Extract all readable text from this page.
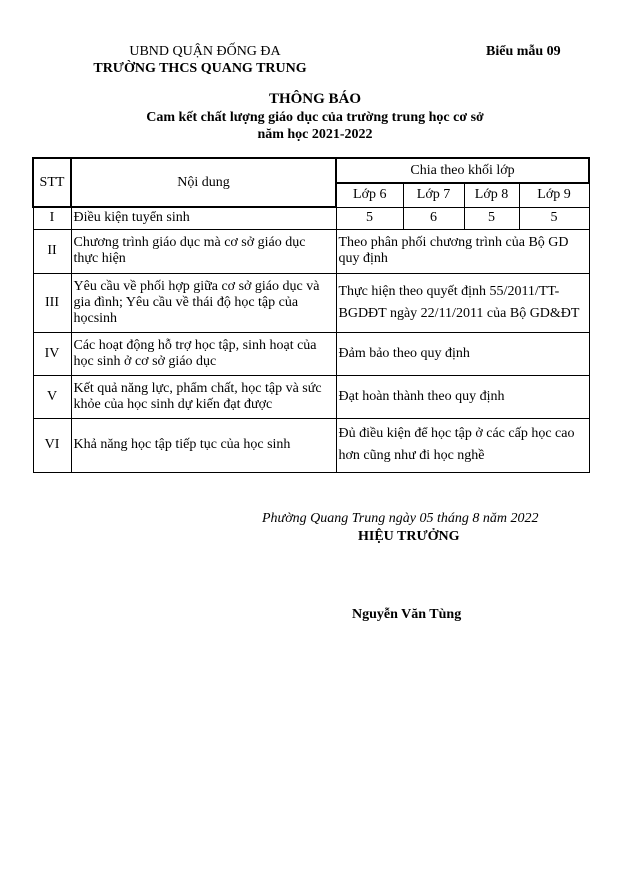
UBND QUẬN ĐỐNG ĐA
TRƯỜNG THCS QUANG TRUNG
Biểu mẫu 09
THÔNG BÁO
Cam kết chất lượng giáo dục của trường trung học cơ sở
năm học 2021-2022
STT	Nội dung	Chia theo khối lớp			
		Lớp 6	Lớp 7	Lớp 8	Lớp 9
I	Điều kiện tuyển sinh	5	6	5	5
II	Chương trình giáo dục mà cơ sở giáo dục thực hiện	Theo phân phối chương trình của Bộ GD quy định			
III	Yêu cầu về phối hợp giữa cơ sở giáo dục và gia đình; Yêu cầu về thái độ học tập của họcsinh	Thực hiện theo quyết định 55/2011/TT-BGDĐT ngày 22/11/2011 của Bộ GD&ĐT			
IV	Các hoạt động hỗ trợ học tập, sinh hoạt của học sinh ở cơ sở giáo dục	Đảm bảo theo quy định			
V	Kết quả năng lực, phẩm chất, học tập và sức khỏe của học sinh dự kiến đạt được	Đạt hoàn thành theo quy định			
VI	Khả năng học tập tiếp tục của học sinh	Đủ điều kiện để học tập ở các cấp học cao hơn cũng như đi học nghề			
Phường Quang Trung ngày 05 tháng 8 năm 2022
HIỆU TRƯỞNG
Nguyễn Văn Tùng
